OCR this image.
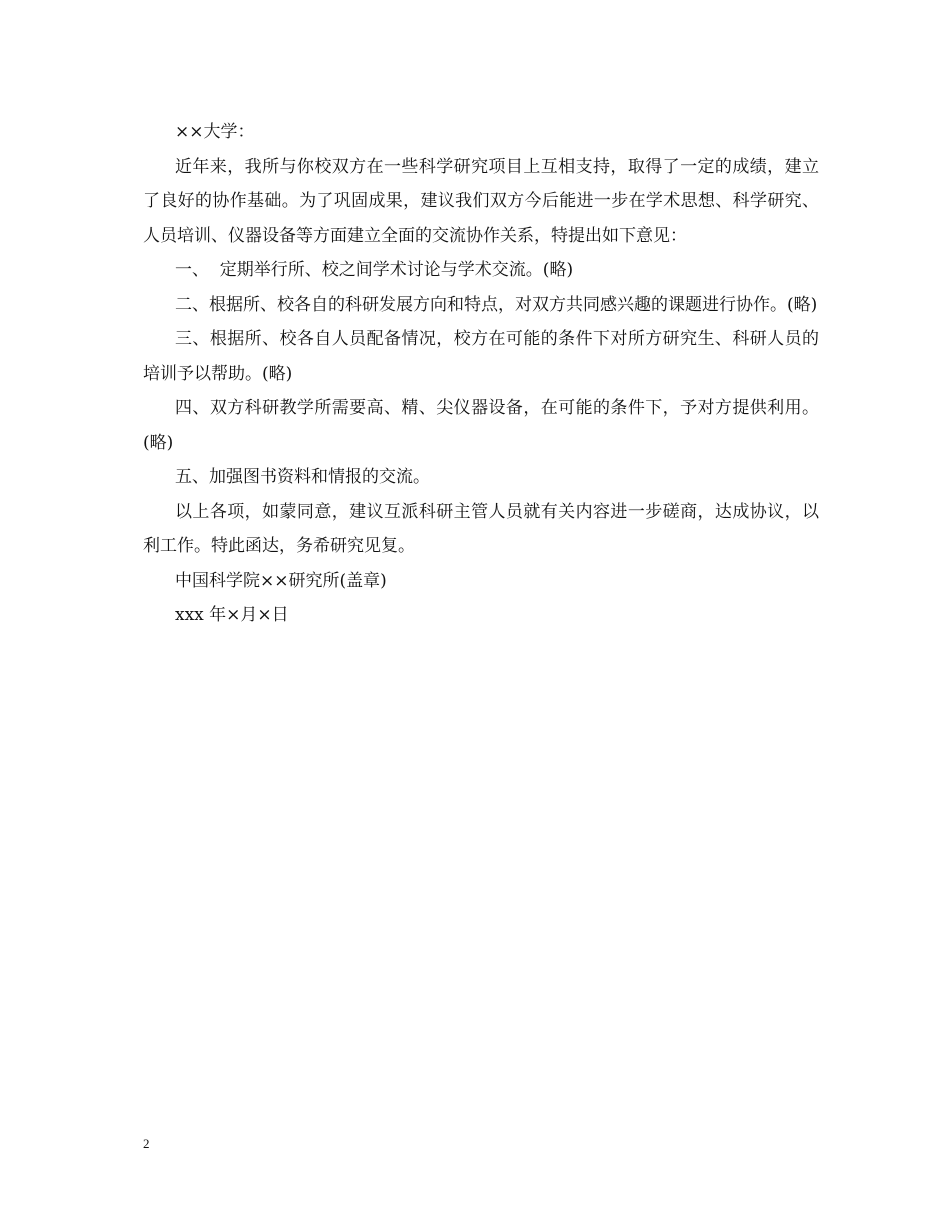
××大学：

近年来，我所与你校双方在一些科学研究项目上互相支持，取得了一定的成绩，建立了良好的协作基础。为了巩固成果，建议我们双方今后能进一步在学术思想、科学研究、人员培训、仪器设备等方面建立全面的交流协作关系，特提出如下意见：

一、  定期举行所、校之间学术讨论与学术交流。(略)

二、根据所、校各自的科研发展方向和特点，对双方共同感兴趣的课题进行协作。(略)

三、根据所、校各自人员配备情况，校方在可能的条件下对所方研究生、科研人员的培训予以帮助。(略)

四、双方科研教学所需要高、精、尖仪器设备，在可能的条件下，予对方提供利用。(略)

五、加强图书资料和情报的交流。

以上各项，如蒙同意，建议互派科研主管人员就有关内容进一步磋商，达成协议，以利工作。特此函达，务希研究见复。

中国科学院××研究所(盖章)

xxx 年×月×日

2
